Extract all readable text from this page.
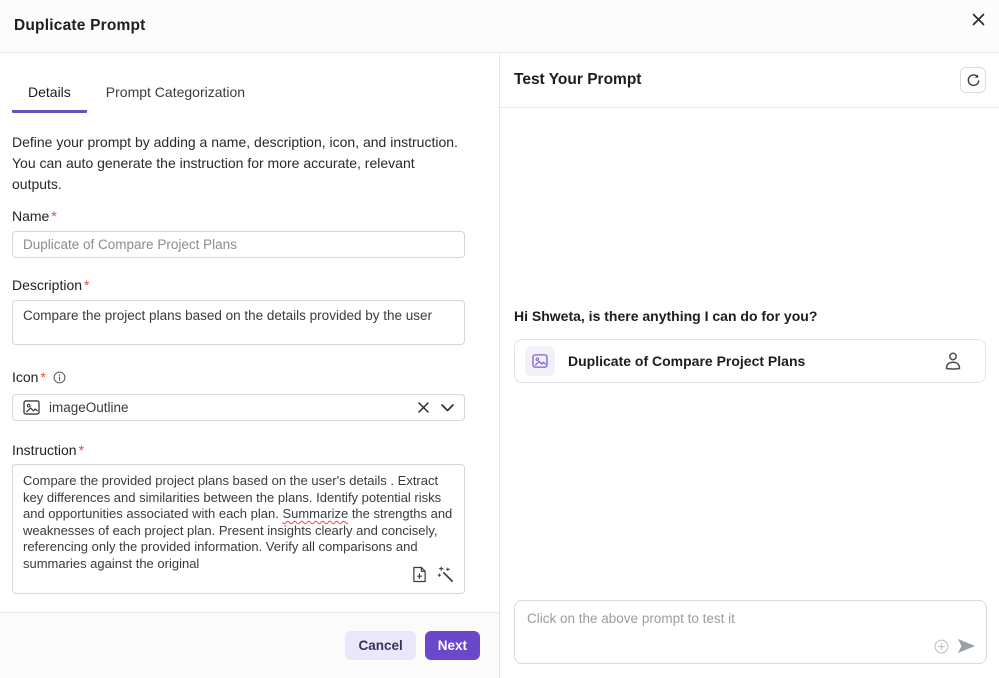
Duplicate Prompt
Details	Prompt Categorization

Define your prompt by adding a name, description, icon, and instruction. You can auto generate the instruction for more accurate, relevant outputs.

Name *
Duplicate of Compare Project Plans
Description *
Compare the project plans based on the details provided by the user
Icon *
imageOutline
Instruction *
Compare the provided project plans based on the user's details . Extract key differences and similarities between the plans. Identify potential risks and opportunities associated with each plan. Summarize the strengths and weaknesses of each project plan. Present insights clearly and concisely, referencing only the provided information. Verify all comparisons and summaries against the original
Cancel	Next
Test Your Prompt
Hi Shweta, is there anything I can do for you?
Duplicate of Compare Project Plans
Click on the above prompt to test it
